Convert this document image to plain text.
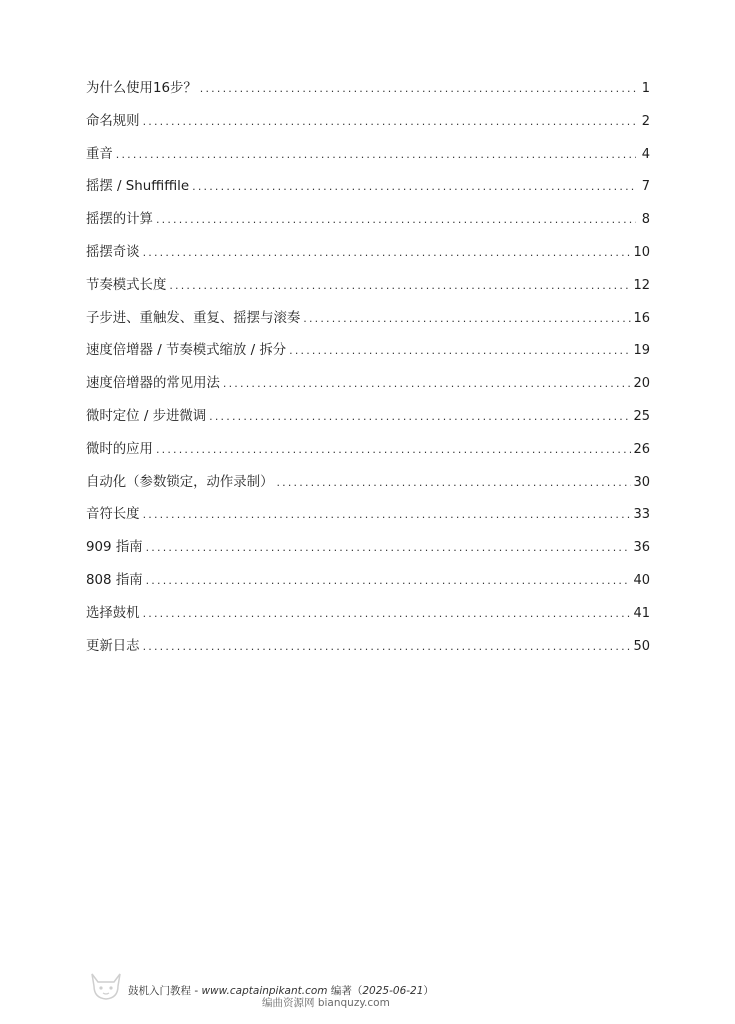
为什么使用16步？ .....	1
命名规则 .....	2
重音 .....	4
摇摆 / Shuffiffile .....	7
摇摆的计算 .....	8
摇摆奇谈 .....	10
节奏模式长度 .....	12
子步进、重触发、重复、摇摆与滚奏 .....	16
速度倍增器 / 节奏模式缩放 / 拆分 .....	19
速度倍增器的常见用法 .....	20
微时定位 / 步进微调 .....	25
微时的应用 .....	26
自动化（参数锁定，动作录制） .....	30
音符长度 .....	33
909 指南 .....	36
808 指南 .....	40
选择鼓机 .....	41
更新日志 .....	50
鼓机入门教程 - www.captainpikant.com 编著（2025-06-21）
编曲资源网 bianquzy.com
